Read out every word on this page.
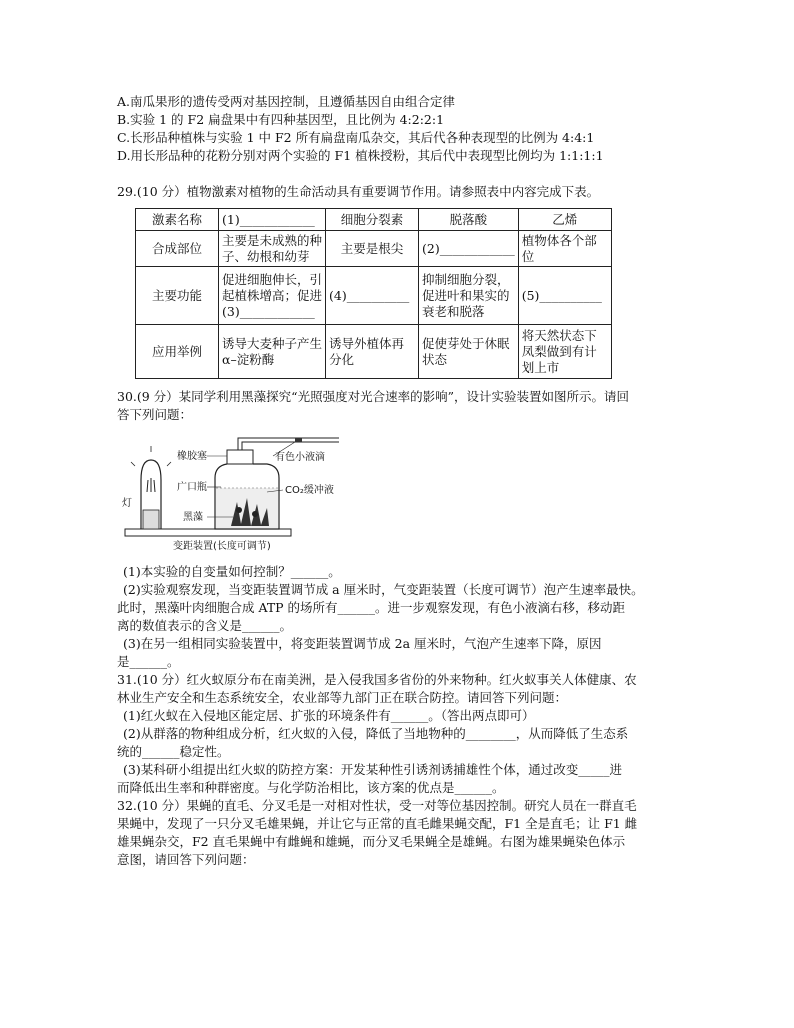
A.南瓜果形的遗传受两对基因控制，且遵循基因自由组合定律
B.实验 1 的 F2 扁盘果中有四种基因型，且比例为 4:2:2:1
C.长形品种植株与实验 1 中 F2 所有扁盘南瓜杂交，其后代各种表现型的比例为 4:4:1
D.用长形品种的花粉分别对两个实验的 F1 植株授粉，其后代中表现型比例均为 1:1:1:1
29.(10 分）植物激素对植物的生命活动具有重要调节作用。请参照表中内容完成下表。
激素名称	(1)____________	细胞分裂素	脱落酸	乙烯
合成部位	主要是未成熟的种子、幼根和幼芽	主要是根尖	(2)____________	植物体各个部位
主要功能	促进细胞伸长，引起植株增高；促进(3)____________	(4)__________	抑制细胞分裂，促进叶和果实的衰老和脱落	(5)__________
应用举例	诱导大麦种子产生α–淀粉酶	诱导外植体再分化	促使芽处于休眠状态	将天然状态下凤梨做到有计划上市
30.(9 分）某同学利用黑藻探究“光照强度对光合速率的影响”，设计实验装置如图所示。请回
答下列问题：
橡胶塞	有色小液滴
广口瓶	CO₂缓冲液
灯
黑藻
变距装置(长度可调节)
(1)本实验的自变量如何控制？______。
(2)实验观察发现，当变距装置调节成 a 厘米时，气变距装置（长度可调节）泡产生速率最快。
此时，黑藻叶肉细胞合成 ATP 的场所有______。进一步观察发现，有色小液滴右移，移动距
离的数值表示的含义是______。
(3)在另一组相同实验装置中，将变距装置调节成 2a 厘米时，气泡产生速率下降，原因
是______。
31.(10 分）红火蚁原分布在南美洲，是入侵我国多省份的外来物种。红火蚁事关人体健康、农
林业生产安全和生态系统安全，农业部等九部门正在联合防控。请回答下列问题：
(1)红火蚁在入侵地区能定居、扩张的环境条件有______。（答出两点即可）
(2)从群落的物种组成分析，红火蚁的入侵，降低了当地物种的________，从而降低了生态系
统的______稳定性。
(3)某科研小组提出红火蚁的防控方案：开发某种性引诱剂诱捕雄性个体，通过改变_____进
而降低出生率和种群密度。与化学防治相比，该方案的优点是______。
32.(10 分）果蝇的直毛、分叉毛是一对相对性状，受一对等位基因控制。研究人员在一群直毛
果蝇中，发现了一只分叉毛雄果蝇，并让它与正常的直毛雌果蝇交配，F1 全是直毛；让 F1 雌
雄果蝇杂交，F2 直毛果蝇中有雌蝇和雄蝇，而分叉毛果蝇全是雄蝇。右图为雄果蝇染色体示
意图，请回答下列问题：
